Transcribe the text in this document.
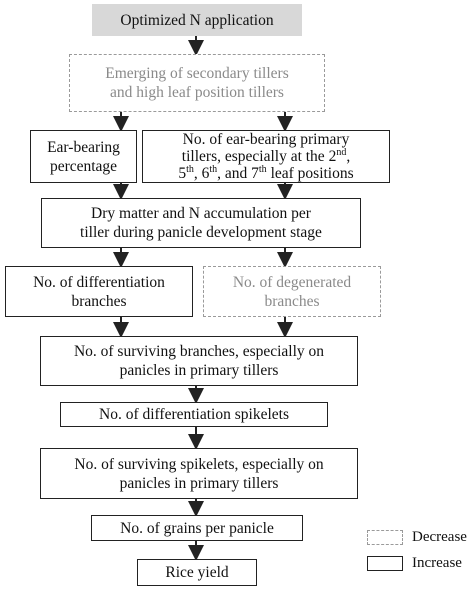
Optimized N application
Emerging of secondary tillers
and high leaf position tillers
Ear-bearing
percentage
No. of ear-bearing primary
tillers, especially at the 2nd,
5th, 6th, and 7th leaf positions
Dry matter and N accumulation per
tiller during panicle development stage
No. of differentiation
branches
No. of degenerated
branches
No. of surviving branches, especially on
panicles in primary tillers
No. of differentiation spikelets
No. of surviving spikelets, especially on
panicles in primary tillers
No. of grains per panicle
Rice yield
Decrease
Increase
